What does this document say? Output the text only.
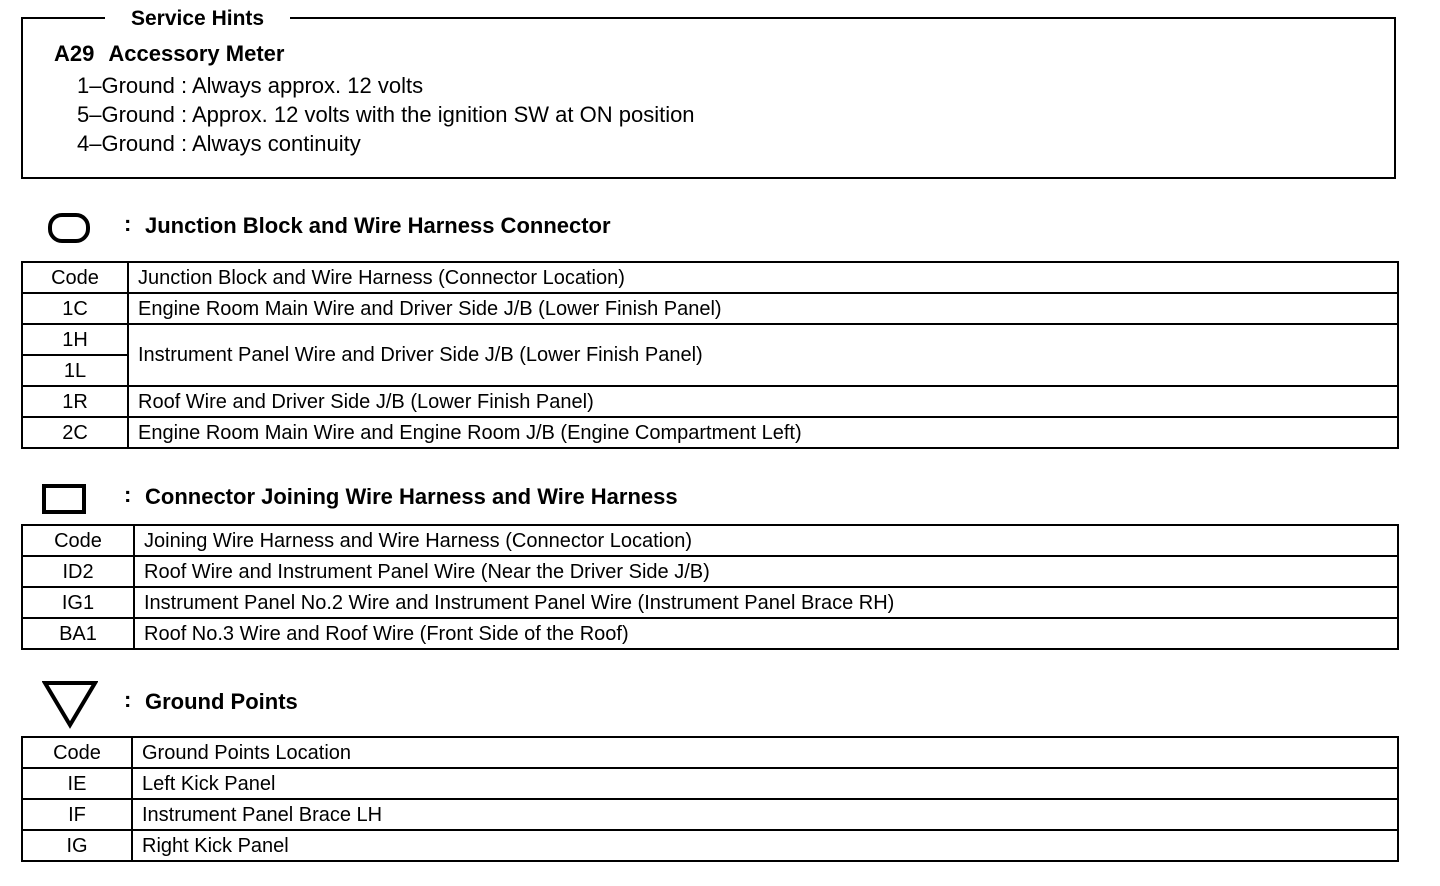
Service Hints
A29 Accessory Meter
1–Ground : Always approx. 12 volts
5–Ground : Approx. 12 volts with the ignition SW at ON position
4–Ground : Always continuity
: Junction Block and Wire Harness Connector
Code	Junction Block and Wire Harness (Connector Location)
1C	Engine Room Main Wire and Driver Side J/B (Lower Finish Panel)
1H	Instrument Panel Wire and Driver Side J/B (Lower Finish Panel)
1L	
1R	Roof Wire and Driver Side J/B (Lower Finish Panel)
2C	Engine Room Main Wire and Engine Room J/B (Engine Compartment Left)
: Connector Joining Wire Harness and Wire Harness
Code	Joining Wire Harness and Wire Harness (Connector Location)
ID2	Roof Wire and Instrument Panel Wire (Near the Driver Side J/B)
IG1	Instrument Panel No.2 Wire and Instrument Panel Wire (Instrument Panel Brace RH)
BA1	Roof No.3 Wire and Roof Wire (Front Side of the Roof)
: Ground Points
Code	Ground Points Location
IE	Left Kick Panel
IF	Instrument Panel Brace LH
IG	Right Kick Panel
